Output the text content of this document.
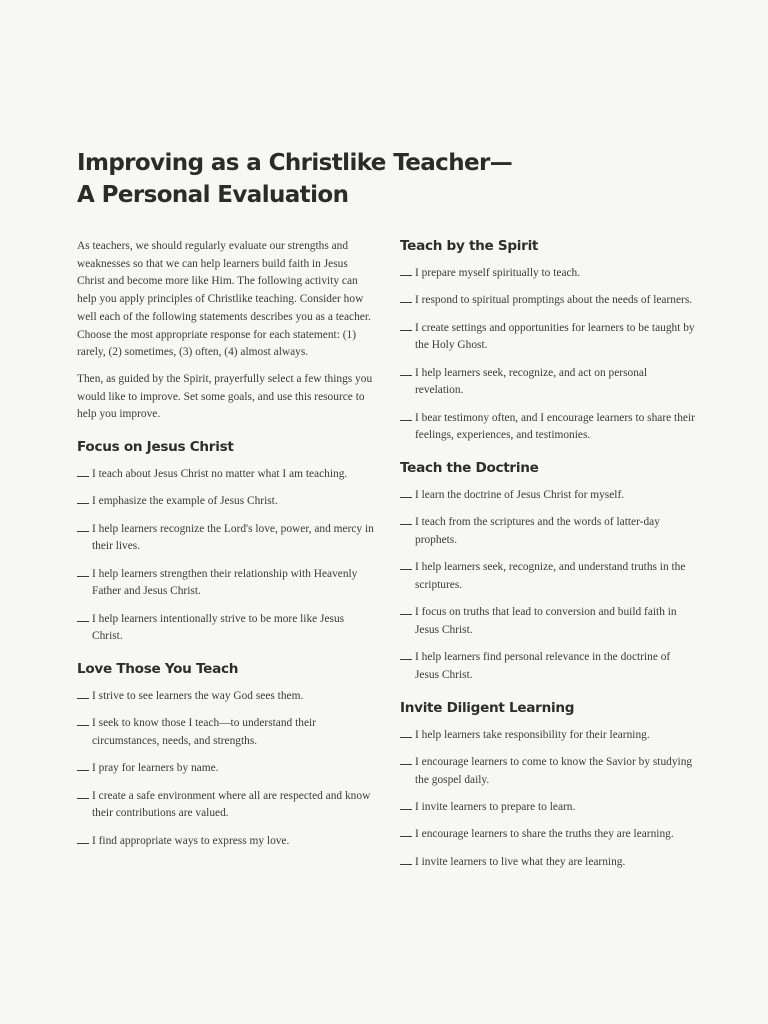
Improving as a Christlike Teacher—
A Personal Evaluation

As teachers, we should regularly evaluate our strengths and weaknesses so that we can help learners build faith in Jesus Christ and become more like Him. The following activity can help you apply principles of Christlike teaching. Consider how well each of the following statements describes you as a teacher. Choose the most appropriate response for each statement: (1) rarely, (2) sometimes, (3) often, (4) almost always.

Then, as guided by the Spirit, prayerfully select a few things you would like to improve. Set some goals, and use this resource to help you improve.

Focus on Jesus Christ
I teach about Jesus Christ no matter what I am teaching.
I emphasize the example of Jesus Christ.
I help learners recognize the Lord's love, power, and mercy in their lives.
I help learners strengthen their relationship with Heavenly Father and Jesus Christ.
I help learners intentionally strive to be more like Jesus Christ.
Love Those You Teach
I strive to see learners the way God sees them.
I seek to know those I teach—to understand their circumstances, needs, and strengths.
I pray for learners by name.
I create a safe environment where all are respected and know their contributions are valued.
I find appropriate ways to express my love.
Teach by the Spirit
I prepare myself spiritually to teach.
I respond to spiritual promptings about the needs of learners.
I create settings and opportunities for learners to be taught by the Holy Ghost.
I help learners seek, recognize, and act on personal revelation.
I bear testimony often, and I encourage learners to share their feelings, experiences, and testimonies.
Teach the Doctrine
I learn the doctrine of Jesus Christ for myself.
I teach from the scriptures and the words of latter-day prophets.
I help learners seek, recognize, and understand truths in the scriptures.
I focus on truths that lead to conversion and build faith in Jesus Christ.
I help learners find personal relevance in the doctrine of Jesus Christ.
Invite Diligent Learning
I help learners take responsibility for their learning.
I encourage learners to come to know the Savior by studying the gospel daily.
I invite learners to prepare to learn.
I encourage learners to share the truths they are learning.
I invite learners to live what they are learning.
